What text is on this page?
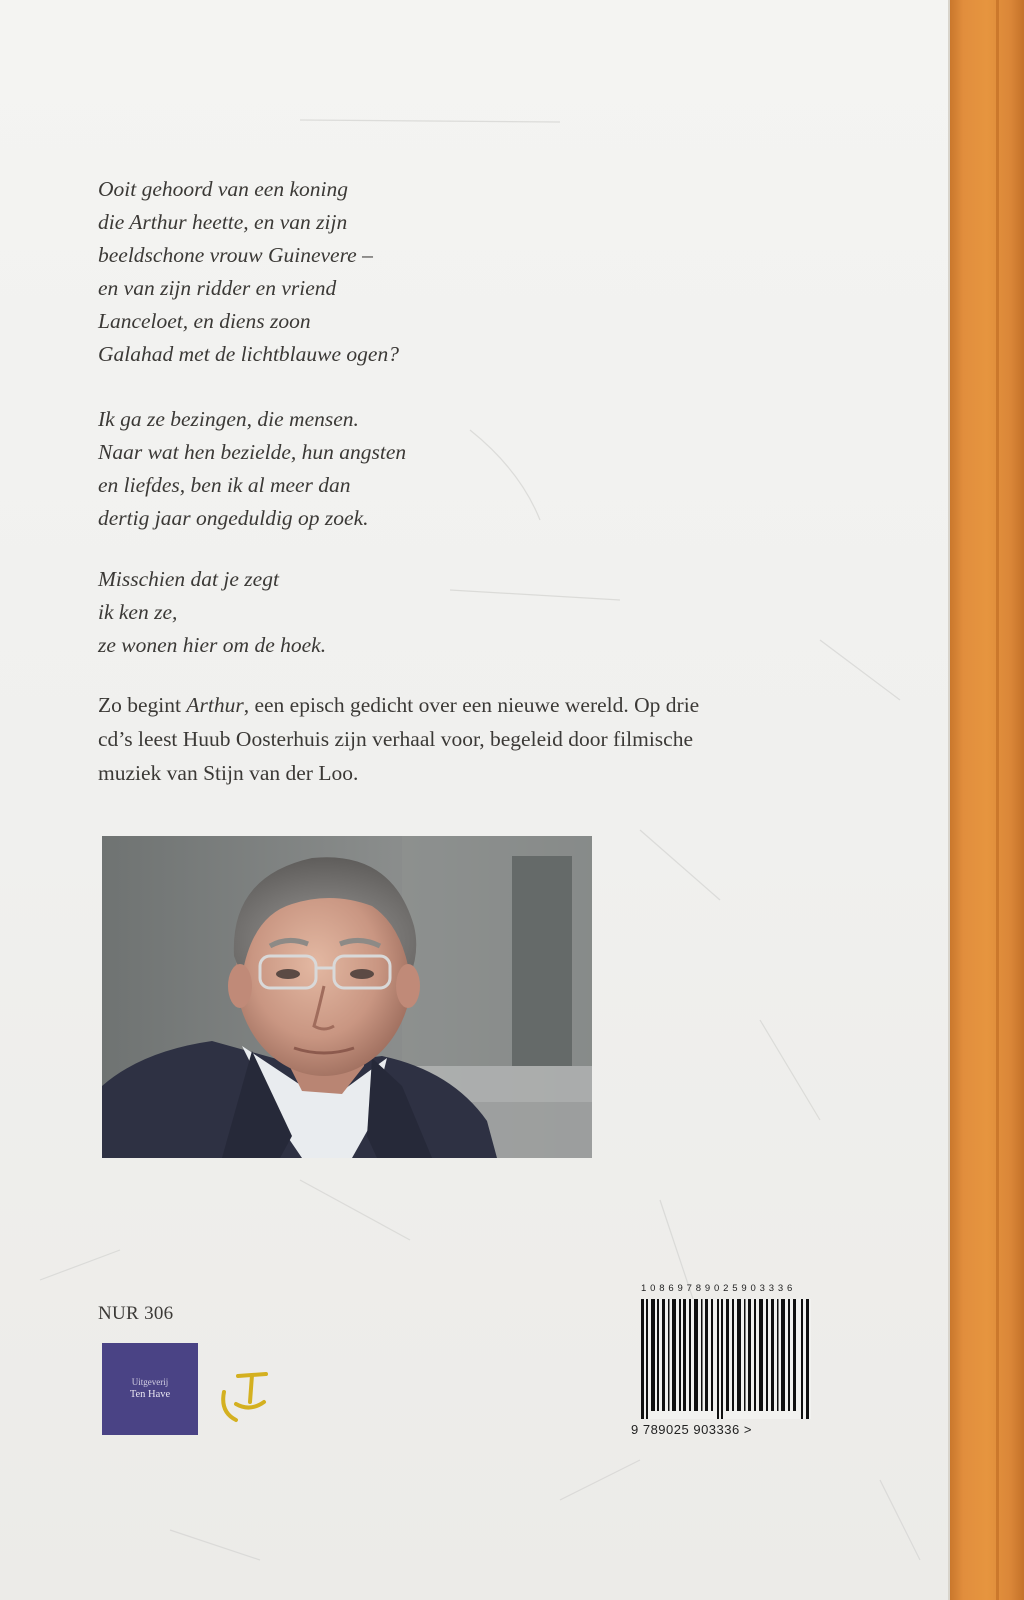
Ooit gehoord van een koning
die Arthur heette, en van zijn
beeldschone vrouw Guinevere –
en van zijn ridder en vriend
Lanceloet, en diens zoon
Galahad met de lichtblauwe ogen?
Ik ga ze bezingen, die mensen.
Naar wat hen bezielde, hun angsten
en liefdes, ben ik al meer dan
dertig jaar ongeduldig op zoek.
Misschien dat je zegt
ik ken ze,
ze wonen hier om de hoek.
Zo begint Arthur, een episch gedicht over een nieuwe wereld. Op drie
cd’s leest Huub Oosterhuis zijn verhaal voor, begeleid door filmische
muziek van Stijn van der Loo.
NUR 306
Uitgeverij
Ten Have
1 0 8 6 9 7 8 9 0 2 5 9 0 3 3 3 6
9 789025 903336 >
